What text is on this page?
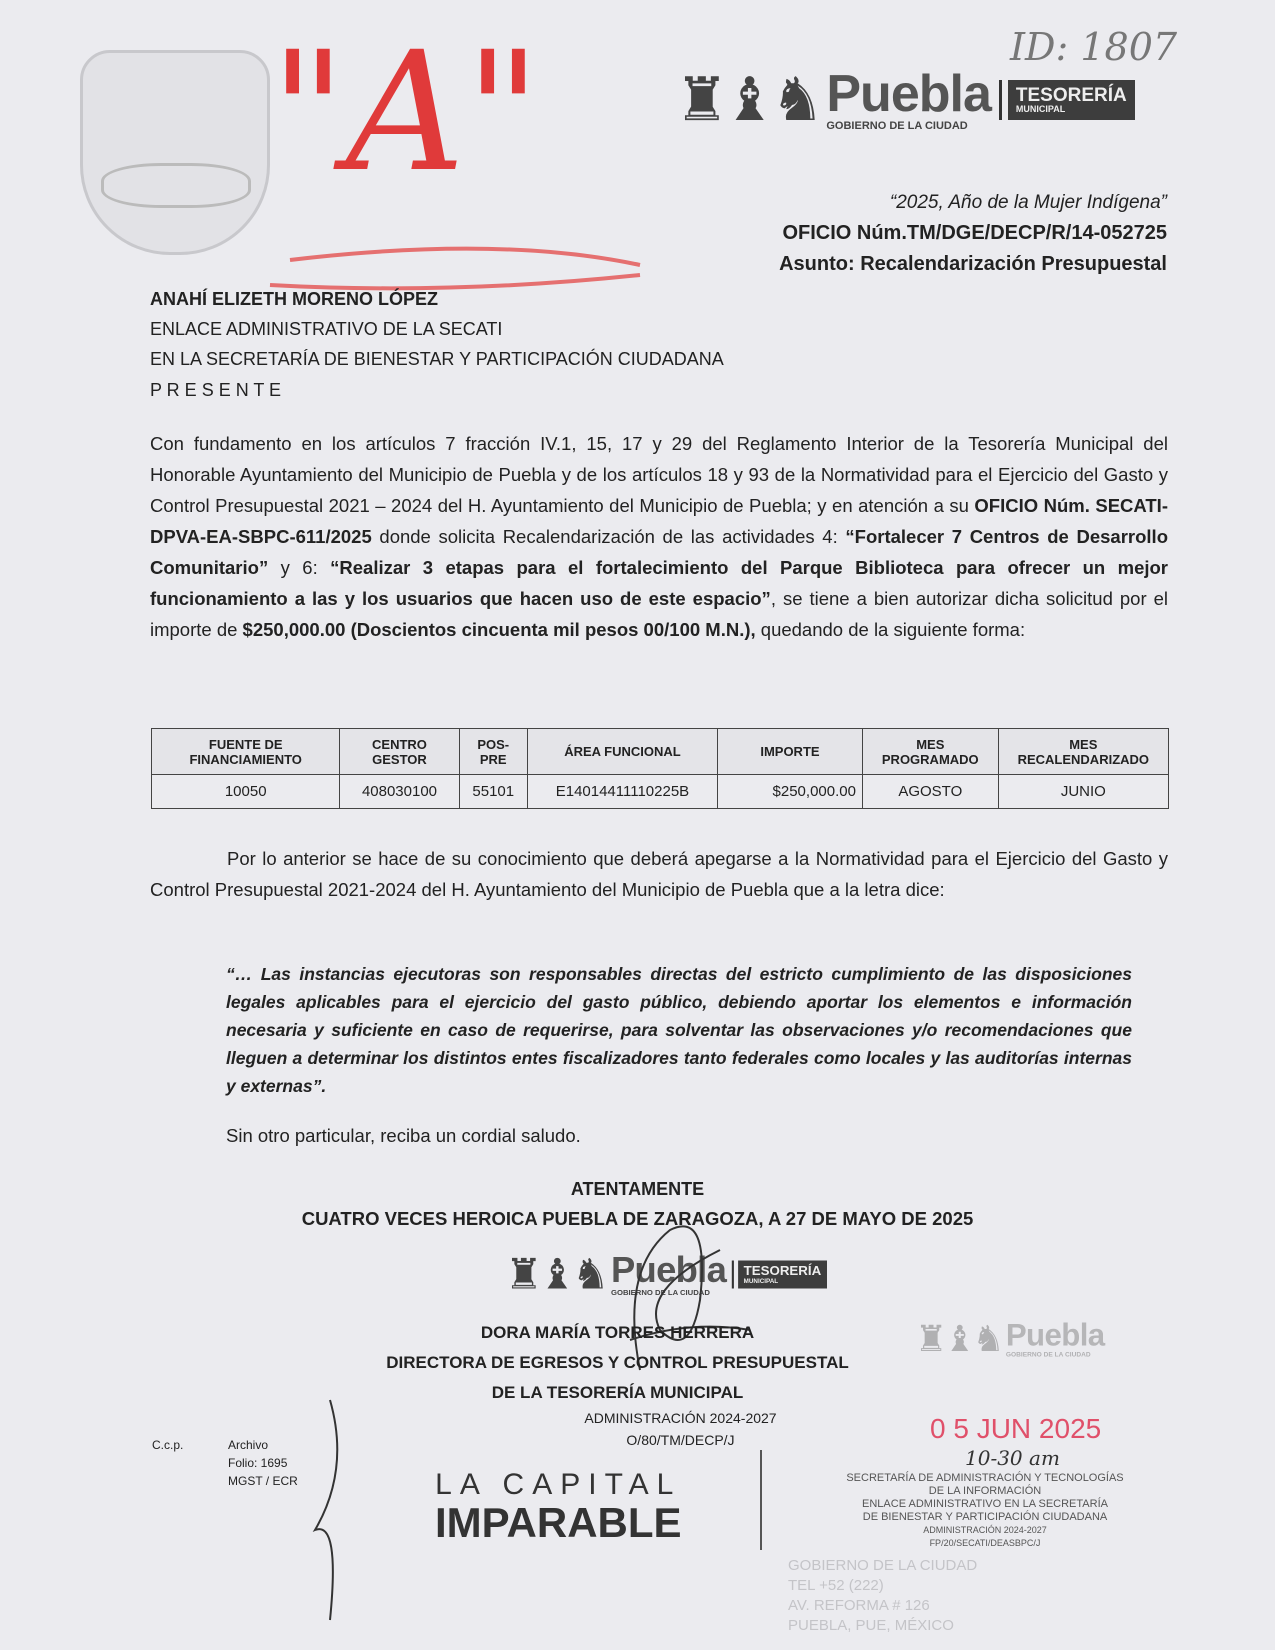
"A"	ID: 1807
♜♝♞ Puebla
GOBIERNO DE LA CIUDAD
TESORERÍA
MUNICIPAL
“2025, Año de la Mujer Indígena”
OFICIO Núm.TM/DGE/DECP/R/14-052725
Asunto: Recalendarización Presupuestal
ANAHÍ ELIZETH MORENO LÓPEZ
ENLACE ADMINISTRATIVO DE LA SECATI
EN LA SECRETARÍA DE BIENESTAR Y PARTICIPACIÓN CIUDADANA
P R E S E N T E
Con fundamento en los artículos 7 fracción IV.1, 15, 17 y 29 del Reglamento Interior de la Tesorería Municipal del Honorable Ayuntamiento del Municipio de Puebla y de los artículos 18 y 93 de la Normatividad para el Ejercicio del Gasto y Control Presupuestal 2021 – 2024 del H. Ayuntamiento del Municipio de Puebla; y en atención a su OFICIO Núm. SECATI-DPVA-EA-SBPC-611/2025 donde solicita Recalendarización de las actividades 4: “Fortalecer 7 Centros de Desarrollo Comunitario” y 6: “Realizar 3 etapas para el fortalecimiento del Parque Biblioteca para ofrecer un mejor funcionamiento a las y los usuarios que hacen uso de este espacio”, se tiene a bien autorizar dicha solicitud por el importe de $250,000.00 (Doscientos cincuenta mil pesos 00/100 M.N.), quedando de la siguiente forma:
FUENTE DE FINANCIAMIENTO	CENTRO GESTOR	POS-PRE	ÁREA FUNCIONAL	IMPORTE	MES PROGRAMADO	MES RECALENDARIZADO
10050	408030100	55101	E14014411110225B	$250,000.00	AGOSTO	JUNIO
Por lo anterior se hace de su conocimiento que deberá apegarse a la Normatividad para el Ejercicio del Gasto y Control Presupuestal 2021-2024 del H. Ayuntamiento del Municipio de Puebla que a la letra dice:
“… Las instancias ejecutoras son responsables directas del estricto cumplimiento de las disposiciones legales aplicables para el ejercicio del gasto público, debiendo aportar los elementos e información necesaria y suficiente en caso de requerirse, para solventar las observaciones y/o recomendaciones que lleguen a determinar los distintos entes fiscalizadores tanto federales como locales y las auditorías internas y externas”.
Sin otro particular, reciba un cordial saludo.
ATENTAMENTE
CUATRO VECES HEROICA PUEBLA DE ZARAGOZA, A 27 DE MAYO DE 2025
♜♝♞ Puebla
GOBIERNO DE LA CIUDAD
TESORERÍA
MUNICIPAL
DORA MARÍA TORRES HERRERA
DIRECTORA DE EGRESOS Y CONTROL PRESUPUESTAL
DE LA TESORERÍA MUNICIPAL
ADMINISTRACIÓN 2024-2027
O/80/TM/DECP/J
♜♝♞ Puebla
GOBIERNO DE LA CIUDAD
C.c.p.	Archivo
Folio: 1695
MGST / ECR	LA CAPITAL
IMPARABLE
GOBIERNO DE LA CIUDAD
TEL +52 (222)
AV. REFORMA # 126
PUEBLA, PUE, MÉXICO
0 5 JUN 2025
10-30 am
SECRETARÍA DE ADMINISTRACIÓN Y TECNOLOGÍAS
DE LA INFORMACIÓN
ENLACE ADMINISTRATIVO EN LA SECRETARÍA
DE BIENESTAR Y PARTICIPACIÓN CIUDADANA
ADMINISTRACIÓN 2024-2027
FP/20/SECATI/DEASBPC/J
